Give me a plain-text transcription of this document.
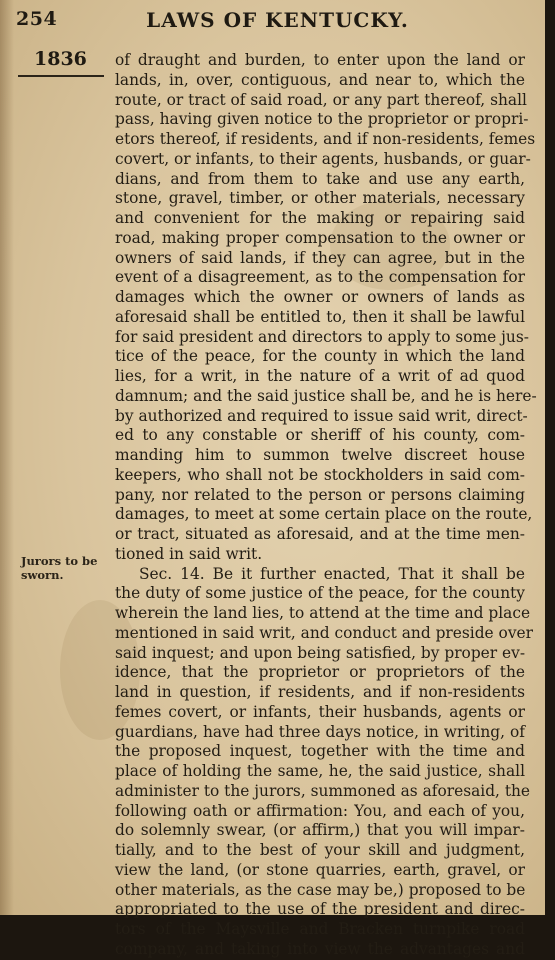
254	LAWS OF KENTUCKY.
1836
Jurors to be
sworn.
of draught and burden, to enter upon the land or
lands, in, over, contiguous, and near to, which the
route, or tract of said road, or any part thereof, shall
pass, having given notice to the proprietor or propri-
etors thereof, if residents, and if non-residents, femes
covert, or infants, to their agents, husbands, or guar-
dians, and from them to take and use any earth,
stone, gravel, timber, or other materials, necessary
and convenient for the making or repairing said
road, making proper compensation to the owner or
owners of said lands, if they can agree, but in the
event of a disagreement, as to the compensation for
damages which the owner or owners of lands as
aforesaid shall be entitled to, then it shall be lawful
for said president and directors to apply to some jus-
tice of the peace, for the county in which the land
lies, for a writ, in the nature of a writ of ad quod
damnum; and the said justice shall be, and he is here-
by authorized and required to issue said writ, direct-
ed to any constable or sheriff of his county, com-
manding him to summon twelve discreet house
keepers, who shall not be stockholders in said com-
pany, nor related to the person or persons claiming
damages, to meet at some certain place on the route,
or tract, situated as aforesaid, and at the time men-
tioned in said writ.
Sec. 14. Be it further enacted, That it shall be
the duty of some justice of the peace, for the county
wherein the land lies, to attend at the time and place
mentioned in said writ, and conduct and preside over
said inquest; and upon being satisfied, by proper ev-
idence, that the proprietor or proprietors of the
land in question, if residents, and if non-residents
femes covert, or infants, their husbands, agents or
guardians, have had three days notice, in writing, of
the proposed inquest, together with the time and
place of holding the same, he, the said justice, shall
administer to the jurors, summoned as aforesaid, the
following oath or affirmation: You, and each of you,
do solemnly swear, (or affirm,) that you will impar-
tially, and to the best of your skill and judgment,
view the land, (or stone quarries, earth, gravel, or
other materials, as the case may be,) proposed to be
appropriated to the use of the president and direc-
tors of the Maysville and Bracken turnpike road
company, and taking into view the advantages and
